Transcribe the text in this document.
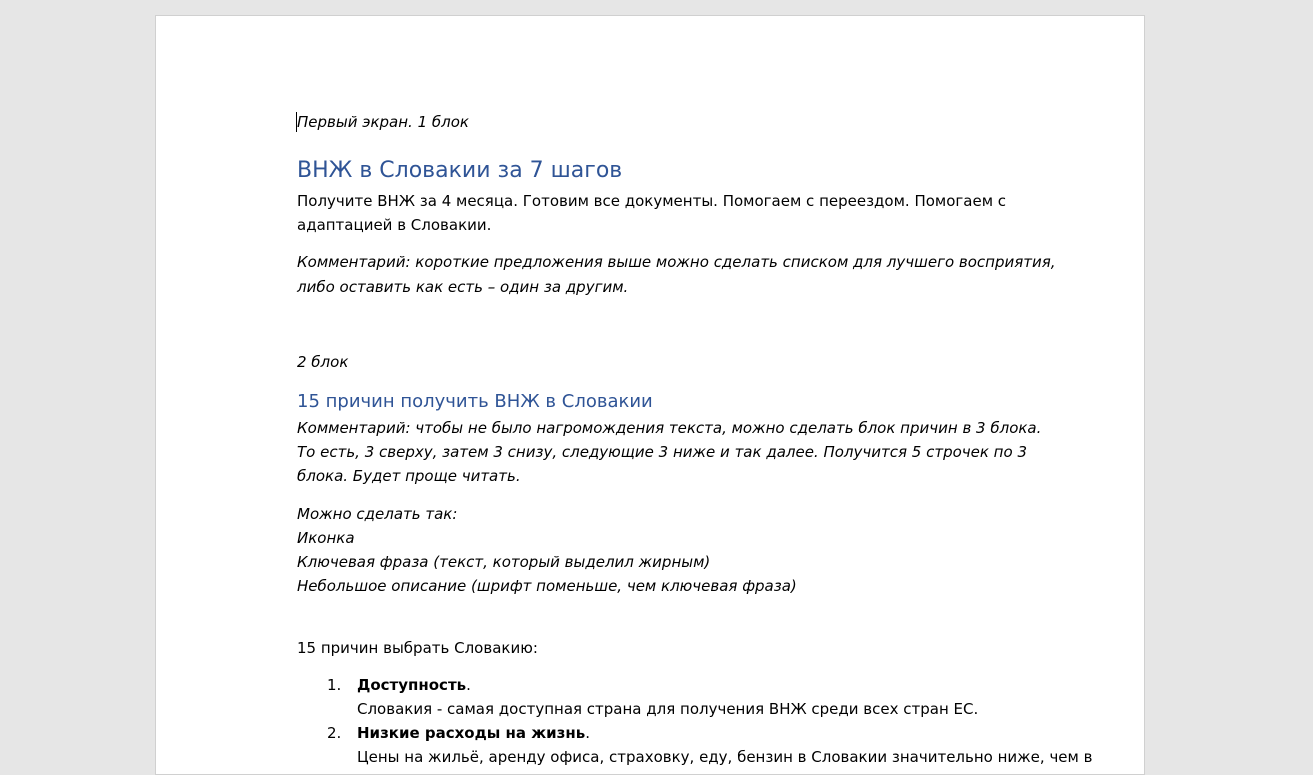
Первый экран. 1 блок
ВНЖ в Словакии за 7 шагов
Получите ВНЖ за 4 месяца. Готовим все документы. Помогаем с переездом. Помогаем с
адаптацией в Словакии.
Комментарий: короткие предложения выше можно сделать списком для лучшего восприятия,
либо оставить как есть – один за другим.
2 блок
15 причин получить ВНЖ в Словакии
Комментарий: чтобы не было нагромождения текста, можно сделать блок причин в 3 блока.
То есть, 3 сверху, затем 3 снизу, следующие 3 ниже и так далее. Получится 5 строчек по 3
блока. Будет проще читать.
Можно сделать так:
Иконка
Ключевая фраза (текст, который выделил жирным)
Небольшое описание (шрифт поменьше, чем ключевая фраза)
15 причин выбрать Словакию:
1.	Доступность.
Словакия - самая доступная страна для получения ВНЖ среди всех стран ЕС.
2.	Низкие расходы на жизнь.
Цены на жильё, аренду офиса, страховку, еду, бензин в Словакии значительно ниже, чем в
